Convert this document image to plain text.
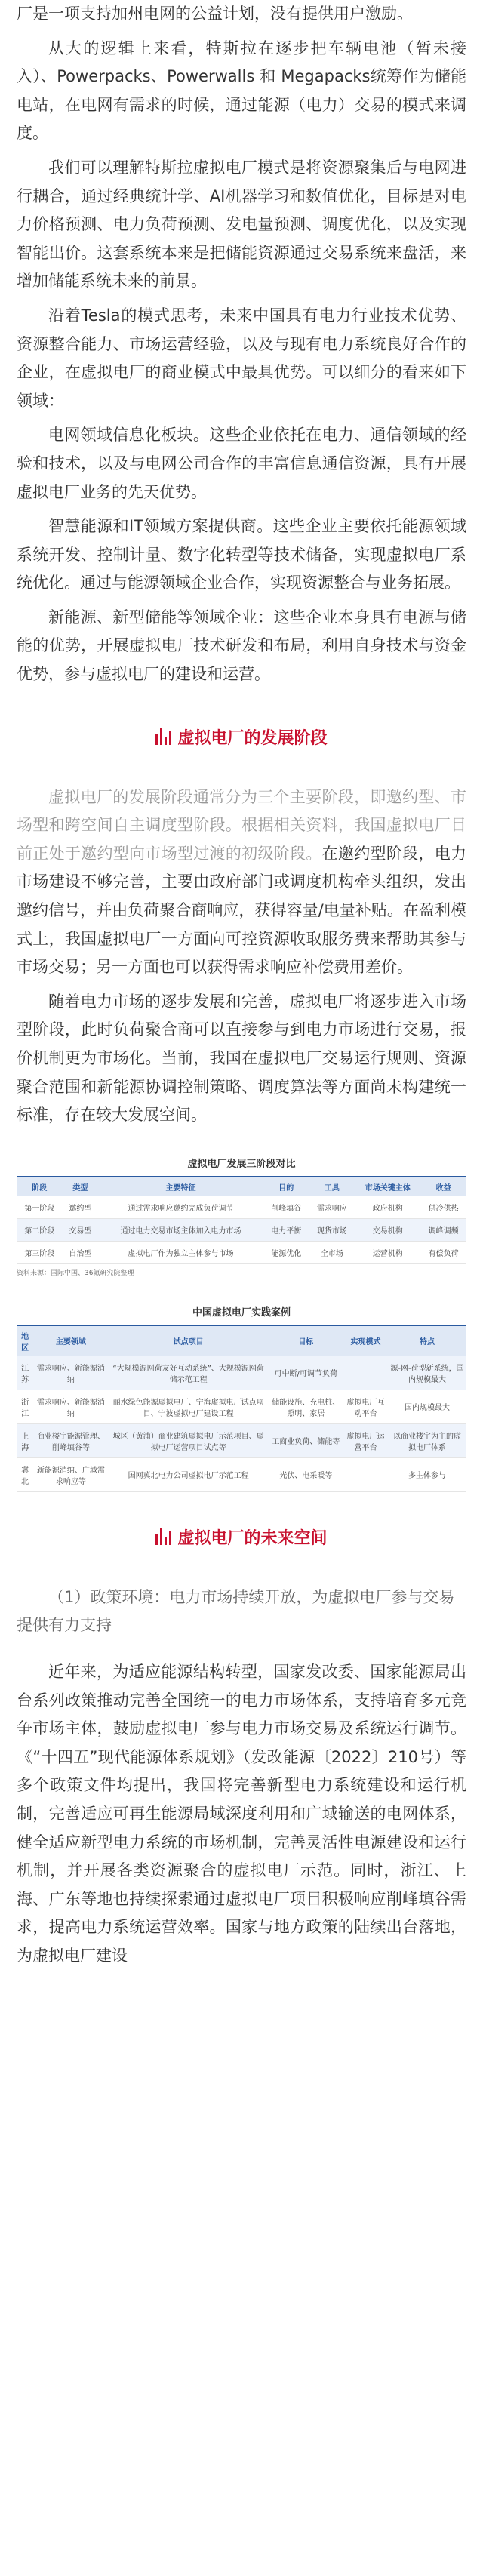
厂是一项支持加州电网的公益计划，没有提供用户激励。

从大的逻辑上来看，特斯拉在逐步把车辆电池（暂未接入）、Powerpacks、Powerwalls 和 Megapacks统筹作为储能电站，在电网有需求的时候，通过能源（电力）交易的模式来调度。

我们可以理解特斯拉虚拟电厂模式是将资源聚集后与电网进行耦合，通过经典统计学、AI机器学习和数值优化，目标是对电力价格预测、电力负荷预测、发电量预测、调度优化，以及实现智能出价。这套系统本来是把储能资源通过交易系统来盘活，来增加储能系统未来的前景。

沿着Tesla的模式思考，未来中国具有电力行业技术优势、资源整合能力、市场运营经验，以及与现有电力系统良好合作的企业，在虚拟电厂的商业模式中最具优势。可以细分的看来如下领域：

电网领域信息化板块。这些企业依托在电力、通信领域的经验和技术，以及与电网公司合作的丰富信息通信资源，具有开展虚拟电厂业务的先天优势。

智慧能源和IT领域方案提供商。这些企业主要依托能源领域系统开发、控制计量、数字化转型等技术储备，实现虚拟电厂系统优化。通过与能源领域企业合作，实现资源整合与业务拓展。

新能源、新型储能等领域企业：这些企业本身具有电源与储能的优势，开展虚拟电厂技术研发和布局，利用自身技术与资金优势，参与虚拟电厂的建设和运营。

虚拟电厂的发展阶段

虚拟电厂的发展阶段通常分为三个主要阶段，即邀约型、市场型和跨空间自主调度型阶段。根据相关资料，我国虚拟电厂目前正处于邀约型向市场型过渡的初级阶段。在邀约型阶段，电力市场建设不够完善，主要由政府部门或调度机构牵头组织，发出邀约信号，并由负荷聚合商响应，获得容量/电量补贴。在盈利模式上，我国虚拟电厂一方面向可控资源收取服务费来帮助其参与市场交易；另一方面也可以获得需求响应补偿费用差价。

随着电力市场的逐步发展和完善，虚拟电厂将逐步进入市场型阶段，此时负荷聚合商可以直接参与到电力市场进行交易，报价机制更为市场化。当前，我国在虚拟电厂交易运行规则、资源聚合范围和新能源协调控制策略、调度算法等方面尚未构建统一标准，存在较大发展空间。

虚拟电厂发展三阶段对比
阶段	类型	主要特征	目的	工具	市场关键主体	收益
第一阶段	邀约型	通过需求响应邀约完成负荷调节	削峰填谷	需求响应	政府机构	供冷供热
第二阶段	交易型	通过电力交易市场主体加入电力市场	电力平衡	现货市场	交易机构	调峰调频
第三阶段	自治型	虚拟电厂作为独立主体参与市场	能源优化	全市场	运营机构	有偿负荷
资料来源：国际中国、36氪研究院整理
中国虚拟电厂实践案例
地区	主要领域	试点项目	目标	实现模式	特点
江苏	需求响应、新能源消纳	“大规模源网荷友好互动系统”、大规模源网荷储示范工程	可中断/可调节负荷		源-网-荷型新系统，国内规模最大
浙江	需求响应、新能源消纳	丽水绿色能源虚拟电厂、宁海虚拟电厂试点项目、宁波虚拟电厂建设工程	储能设施、充电桩、照明、家居	虚拟电厂互动平台	国内规模最大
上海	商业楼宇能源管理、削峰填谷等	城区（黄浦）商业建筑虚拟电厂示范项目、虚拟电厂运营项目试点等	工商业负荷、储能等	虚拟电厂运营平台	以商业楼宇为主的虚拟电厂体系
冀北	新能源消纳、广域需求响应等	国网冀北电力公司虚拟电厂示范工程	光伏、电采暖等		多主体参与
虚拟电厂的未来空间

（1）政策环境：电力市场持续开放，为虚拟电厂参与交易提供有力支持

近年来，为适应能源结构转型，国家发改委、国家能源局出台系列政策推动完善全国统一的电力市场体系，支持培育多元竞争市场主体，鼓励虚拟电厂参与电力市场交易及系统运行调节。《“十四五”现代能源体系规划》（发改能源〔2022〕210号）等多个政策文件均提出，我国将完善新型电力系统建设和运行机制，完善适应可再生能源局域深度利用和广域输送的电网体系，健全适应新型电力系统的市场机制，完善灵活性电源建设和运行机制，并开展各类资源聚合的虚拟电厂示范。同时，浙江、上海、广东等地也持续探索通过虚拟电厂项目积极响应削峰填谷需求，提高电力系统运营效率。国家与地方政策的陆续出台落地，为虚拟电厂建设
